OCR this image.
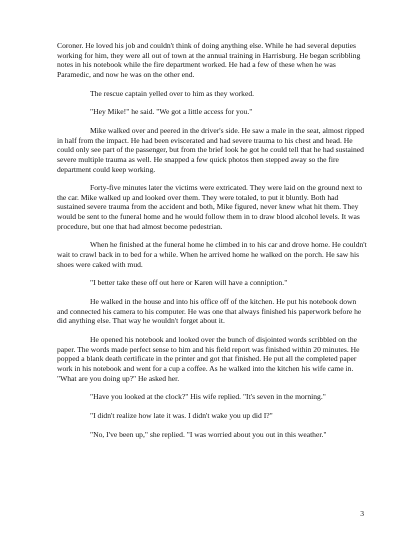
Coroner. He loved his job and couldn't think of doing anything else. While he had several deputies working for him, they were all out of town at the annual training in Harrisburg. He began scribbling notes in his notebook while the fire department worked. He had a few of these when he was Paramedic, and now he was on the other end.

The rescue captain yelled over to him as they worked.

"Hey Mike!" he said. "We got a little access for you."

Mike walked over and peered in the driver's side. He saw a male in the seat, almost ripped in half from the impact. He had been eviscerated and had severe trauma to his chest and head. He could only see part of the passenger, but from the brief look he got he could tell that he had sustained severe multiple trauma as well. He snapped a few quick photos then stepped away so the fire department could keep working.

Forty-five minutes later the victims were extricated. They were laid on the ground next to the car. Mike walked up and looked over them. They were totaled, to put it bluntly. Both had sustained severe trauma from the accident and both, Mike figured, never knew what hit them. They would be sent to the funeral home and he would follow them in to draw blood alcohol levels. It was procedure, but one that had almost become pedestrian.

When he finished at the funeral home he climbed in to his car and drove home. He couldn't wait to crawl back in to bed for a while. When he arrived home he walked on the porch. He saw his shoes were caked with mud.

"I better take these off out here or Karen will have a conniption."

He walked in the house and into his office off of the kitchen. He put his notebook down and connected his camera to his computer. He was one that always finished his paperwork before he did anything else. That way he wouldn't forget about it.

He opened his notebook and looked over the bunch of disjointed words scribbled on the paper. The words made perfect sense to him and his field report was finished within 20 minutes. He popped a blank death certificate in the printer and got that finished. He put all the completed paper work in his notebook and went for a cup a coffee. As he walked into the kitchen his wife came in. "What are you doing up?" He asked her.

"Have you looked at the clock?" His wife replied. "It's seven in the morning."

"I didn't realize how late it was. I didn't wake you up did I?"

"No, I've been up," she replied. "I was worried about you out in this weather."

3
